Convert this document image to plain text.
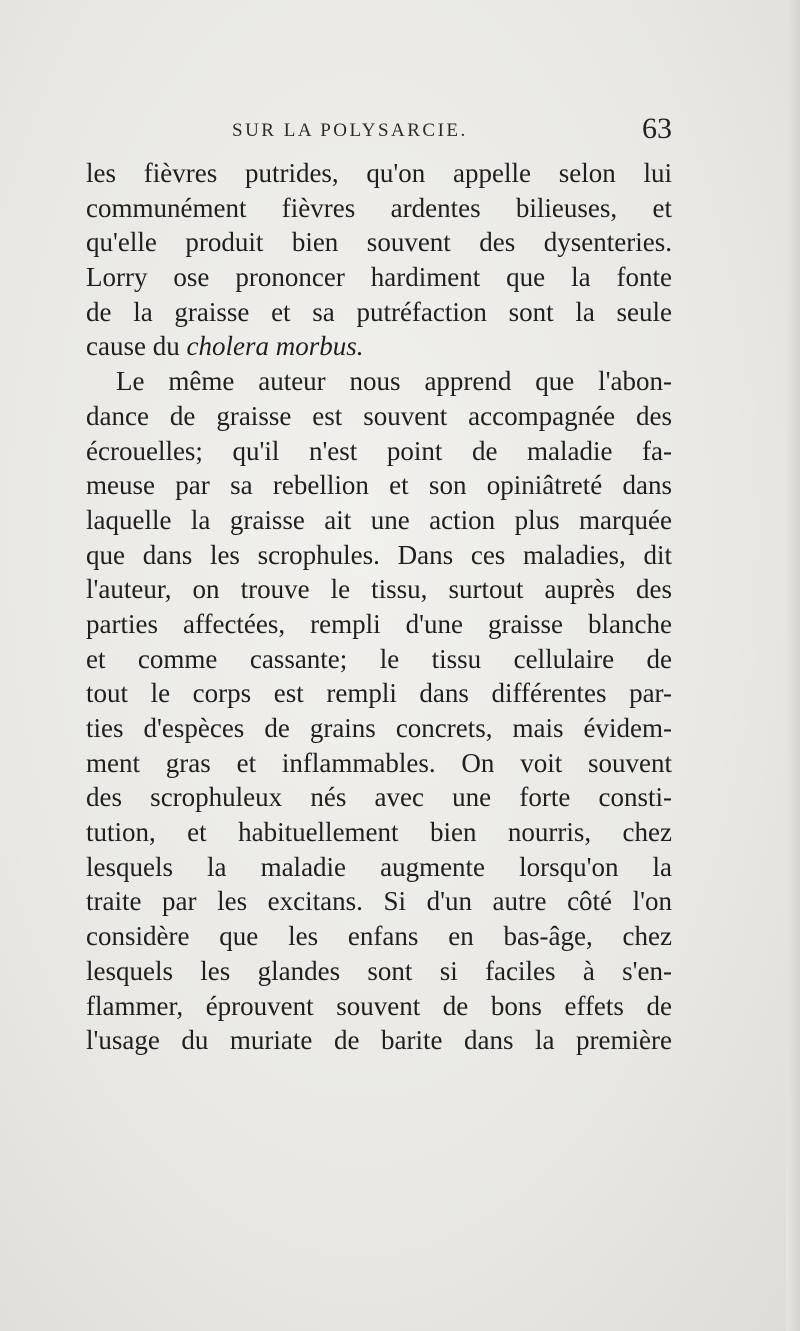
SUR LA POLYSARCIE.	63
les fièvres putrides, qu'on appelle selon lui
communément fièvres ardentes bilieuses, et
qu'elle produit bien souvent des dysenteries.
Lorry ose prononcer hardiment que la fonte
de la graisse et sa putréfaction sont la seule
cause du cholera morbus.
Le même auteur nous apprend que l'abon-
dance de graisse est souvent accompagnée des
écrouelles; qu'il n'est point de maladie fa-
meuse par sa rebellion et son opiniâtreté dans
laquelle la graisse ait une action plus marquée
que dans les scrophules. Dans ces maladies, dit
l'auteur, on trouve le tissu, surtout auprès des
parties affectées, rempli d'une graisse blanche
et comme cassante; le tissu cellulaire de
tout le corps est rempli dans différentes par-
ties d'espèces de grains concrets, mais évidem-
ment gras et inflammables. On voit souvent
des scrophuleux nés avec une forte consti-
tution, et habituellement bien nourris, chez
lesquels la maladie augmente lorsqu'on la
traite par les excitans. Si d'un autre côté l'on
considère que les enfans en bas-âge, chez
lesquels les glandes sont si faciles à s'en-
flammer, éprouvent souvent de bons effets de
l'usage du muriate de barite dans la première
